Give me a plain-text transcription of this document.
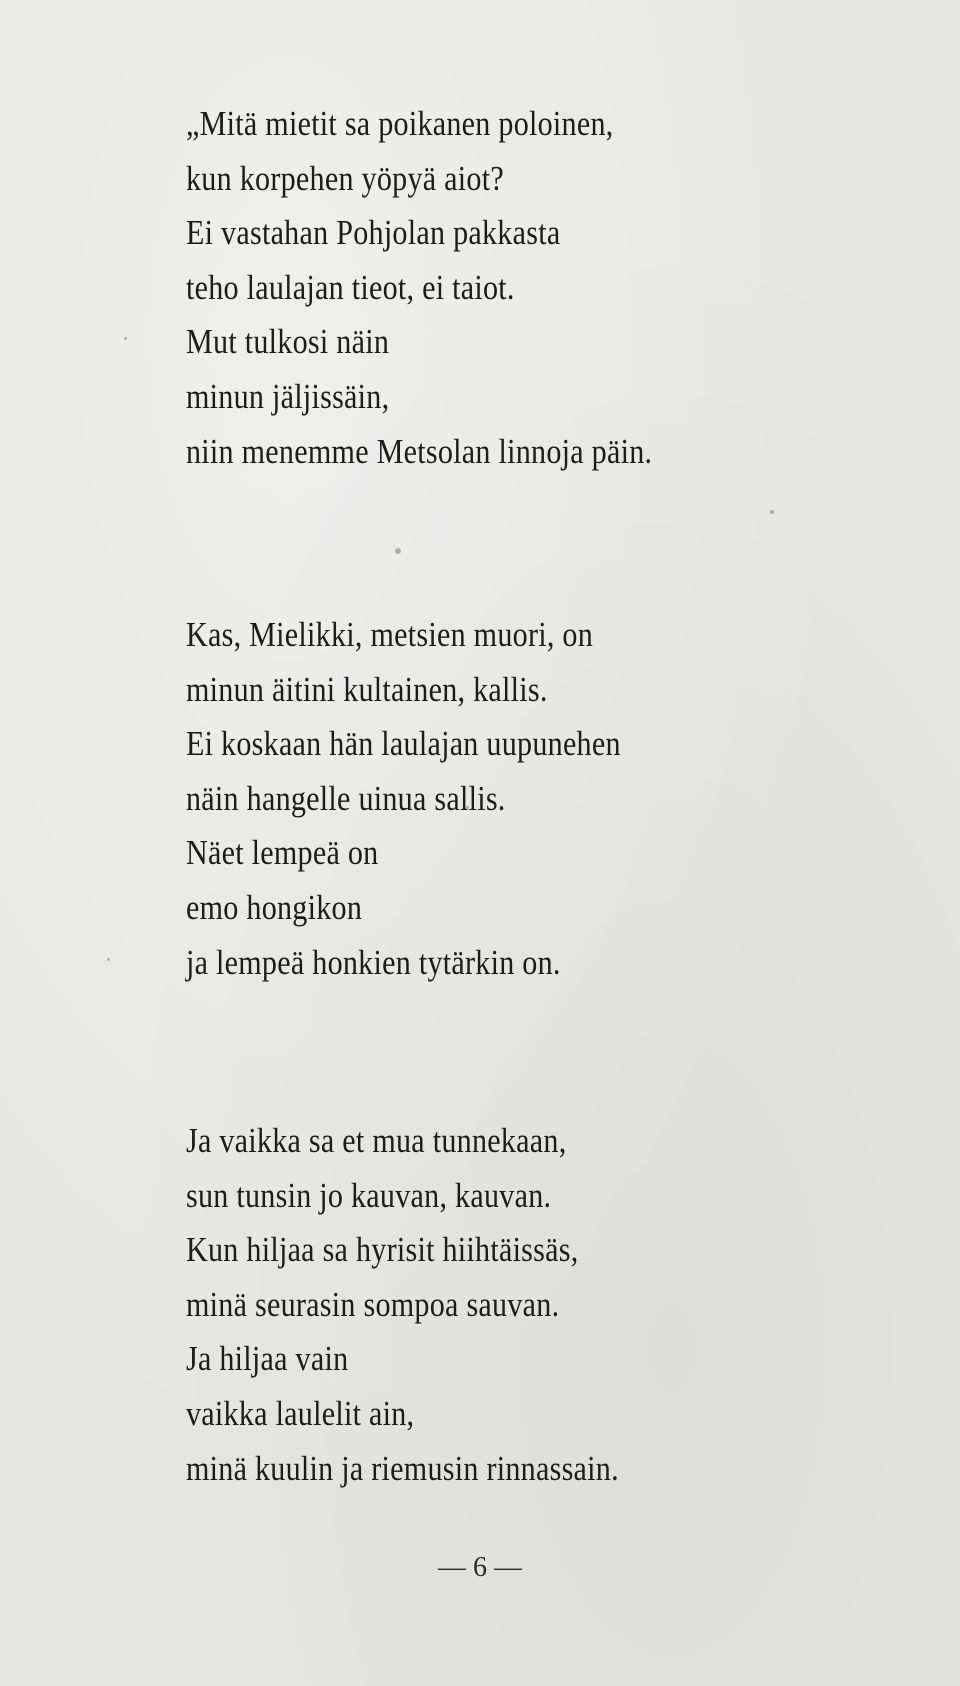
„Mitä mietit sa poikanen poloinen,
kun korpehen yöpyä aiot?
Ei vastahan Pohjolan pakkasta
teho laulajan tieot, ei taiot.
Mut tulkosi näin
minun jäljissäin,
niin menemme Metsolan linnoja päin.
Kas, Mielikki, metsien muori, on
minun äitini kultainen, kallis.
Ei koskaan hän laulajan uupunehen
näin hangelle uinua sallis.
Näet lempeä on
emo hongikon
ja lempeä honkien tytärkin on.
Ja vaikka sa et mua tunnekaan,
sun tunsin jo kauvan, kauvan.
Kun hiljaa sa hyrisit hiihtäissäs,
minä seurasin sompoa sauvan.
Ja hiljaa vain
vaikka laulelit ain,
minä kuulin ja riemusin rinnassain.
— 6 —
